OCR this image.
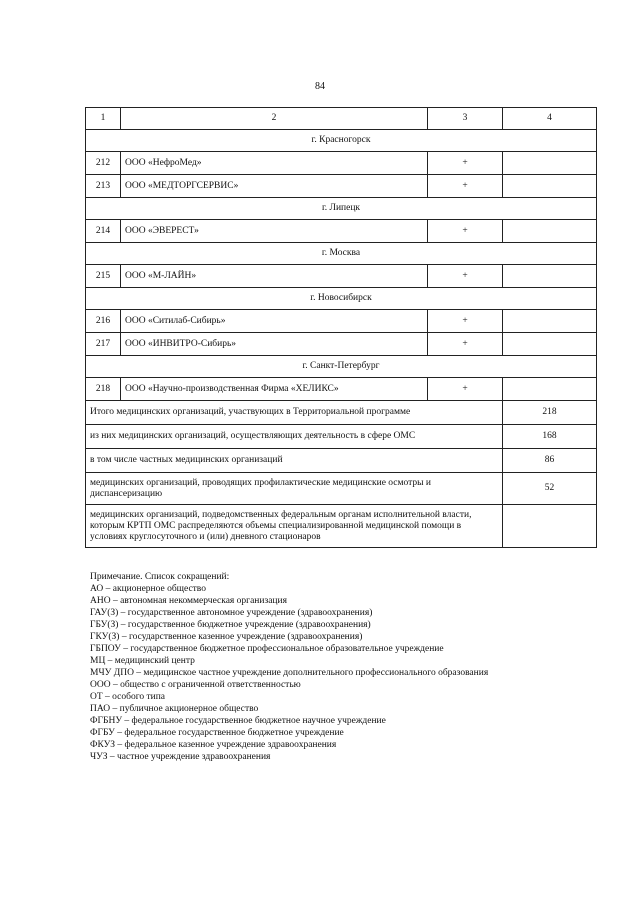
84
1	2	3	4
г. Красногорск			
212	ООО «НефроМед»	+	
213	ООО «МЕДТОРГСЕРВИС»	+	
г. Липецк			
214	ООО «ЭВЕРЕСТ»	+	
г. Москва			
215	ООО «М-ЛАЙН»	+	
г. Новосибирск			
216	ООО «Ситилаб-Сибирь»	+	
217	ООО «ИНВИТРО-Сибирь»	+	
г. Санкт-Петербург			
218	ООО «Научно-производственная Фирма «ХЕЛИКС»	+	
Итого медицинских организаций, участвующих в Территориальной программе			218
из них медицинских организаций, осуществляющих деятельность в сфере ОМС			168
в том числе частных медицинских организаций			86
медицинских организаций, проводящих профилактические медицинские осмотры и диспансеризацию			52
медицинских организаций, подведомственных федеральным органам исполнительной власти, которым КРТП ОМС распределяются объемы специализированной медицинской помощи в условиях круглосуточного и (или) дневного стационаров			
Примечание. Список сокращений:
АО – акционерное общество
АНО – автономная некоммерческая организация
ГАУ(З) – государственное автономное учреждение (здравоохранения)
ГБУ(З) – государственное бюджетное учреждение (здравоохранения)
ГКУ(З) – государственное казенное учреждение (здравоохранения)
ГБПОУ – государственное бюджетное профессиональное образовательное учреждение
МЦ – медицинский центр
МЧУ ДПО – медицинское частное учреждение дополнительного профессионального образования
ООО – общество с ограниченной ответственностью
ОТ – особого типа
ПАО – публичное акционерное общество
ФГБНУ – федеральное государственное бюджетное научное учреждение
ФГБУ – федеральное государственное бюджетное учреждение
ФКУЗ – федеральное казенное учреждение здравоохранения
ЧУЗ – частное учреждение здравоохранения
